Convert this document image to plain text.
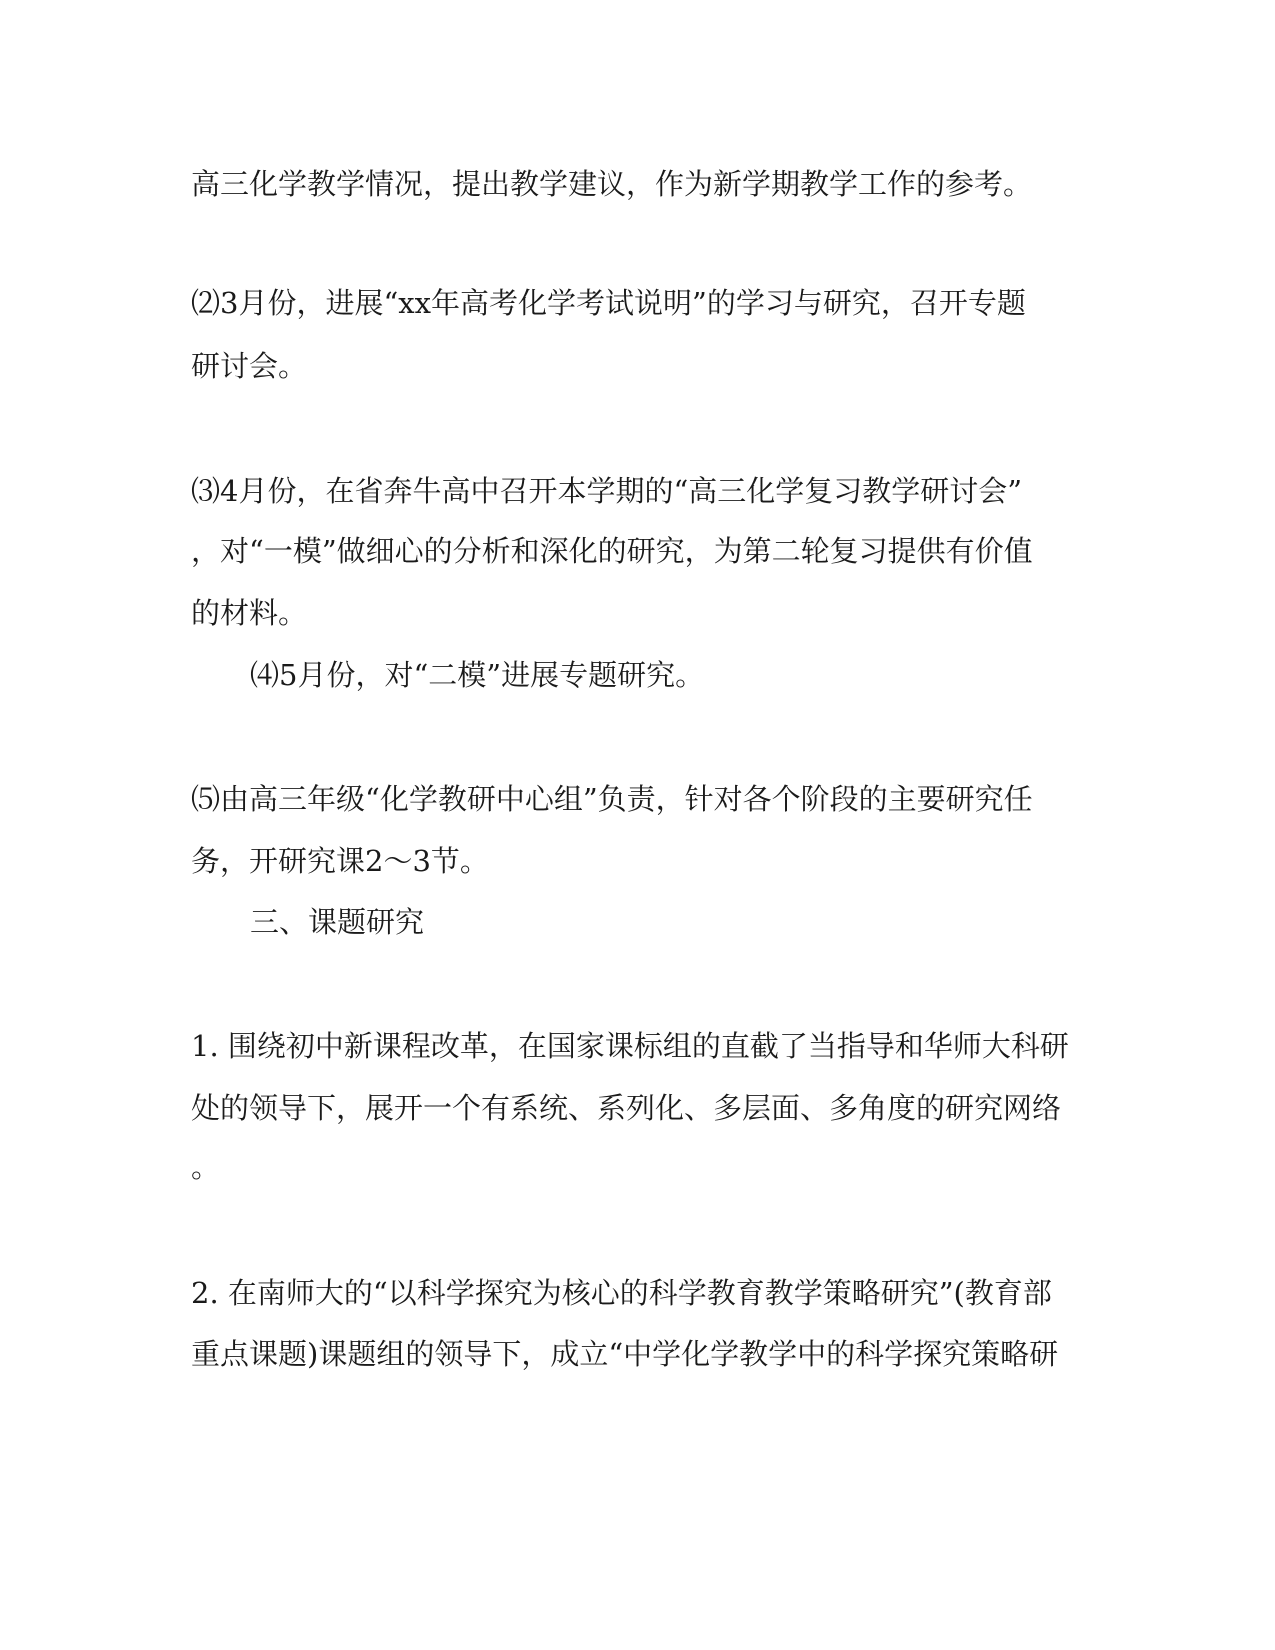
高三化学教学情况，提出教学建议，作为新学期教学工作的参考。
⑵3月份，进展“xx年高考化学考试说明”的学习与研究，召开专题
研讨会。
⑶4月份，在省奔牛高中召开本学期的“高三化学复习教学研讨会”
，对“一模”做细心的分析和深化的研究，为第二轮复习提供有价值
的材料。
⑷5月份，对“二模”进展专题研究。
⑸由高三年级“化学教研中心组”负责，针对各个阶段的主要研究任
务，开研究课2～3节。
三、课题研究
1. 围绕初中新课程改革，在国家课标组的直截了当指导和华师大科研
处的领导下，展开一个有系统、系列化、多层面、多角度的研究网络
。
2. 在南师大的“以科学探究为核心的科学教育教学策略研究”(教育部
重点课题)课题组的领导下，成立“中学化学教学中的科学探究策略研
